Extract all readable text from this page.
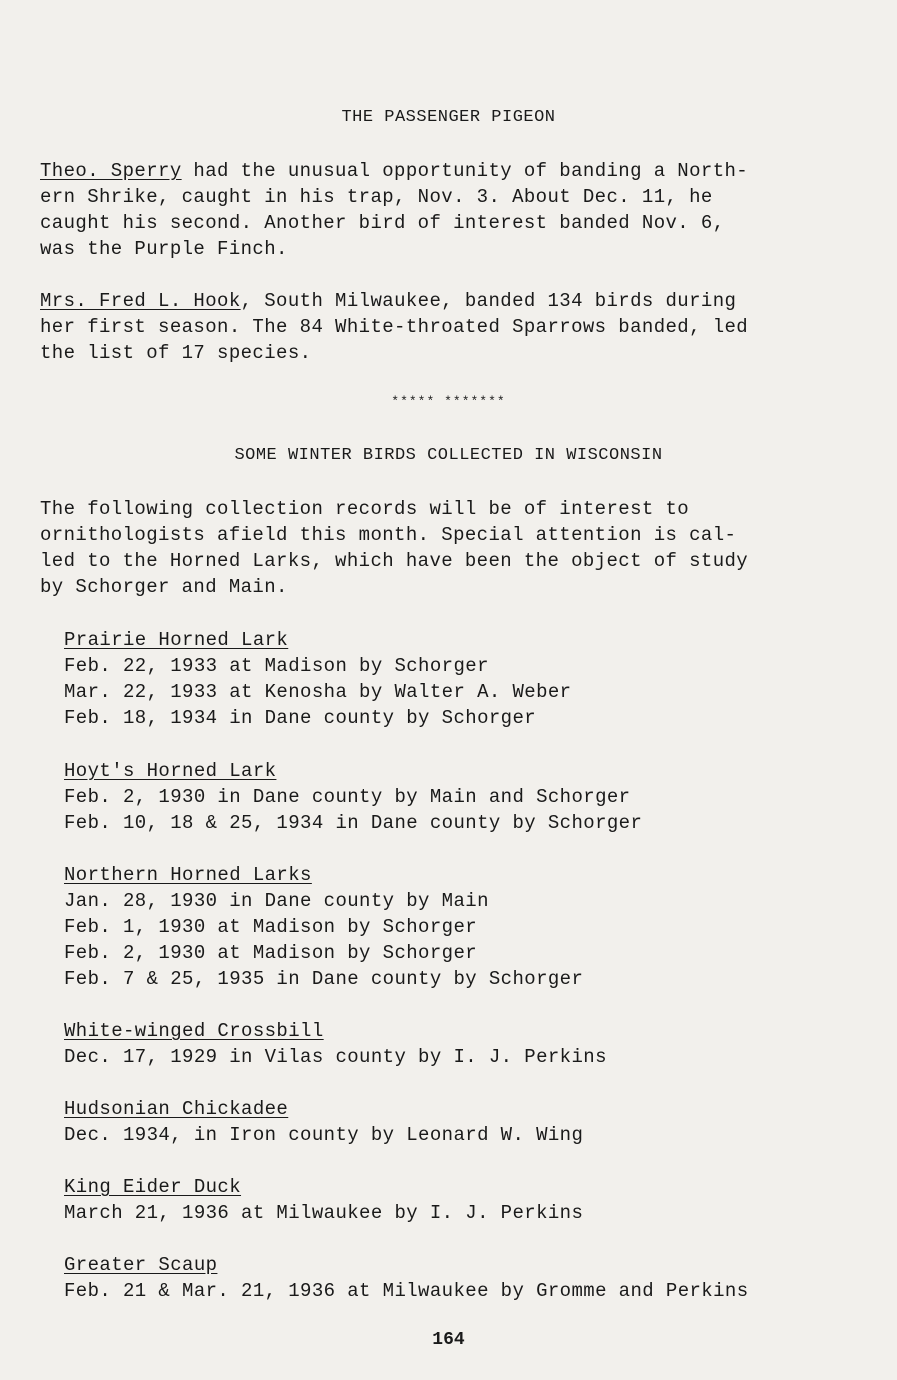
THE PASSENGER PIGEON
Theo. Sperry had the unusual opportunity of banding a North-
ern Shrike, caught in his trap, Nov. 3. About Dec. 11, he
caught his second. Another bird of interest banded Nov. 6,
was the Purple Finch.
Mrs. Fred L. Hook, South Milwaukee, banded 134 birds during
her first season. The 84 White-throated Sparrows banded, led
the list of 17 species.
***** *******
SOME WINTER BIRDS COLLECTED IN WISCONSIN
The following collection records will be of interest to
ornithologists afield this month. Special attention is cal-
led to the Horned Larks, which have been the object of study
by Schorger and Main.
Prairie Horned Lark
Feb. 22, 1933 at Madison by Schorger
Mar. 22, 1933 at Kenosha by Walter A. Weber
Feb. 18, 1934 in Dane county by Schorger
Hoyt's Horned Lark
Feb. 2, 1930 in Dane county by Main and Schorger
Feb. 10, 18 & 25, 1934 in Dane county by Schorger
Northern Horned Larks
Jan. 28, 1930 in Dane county by Main
Feb. 1, 1930 at Madison by Schorger
Feb. 2, 1930 at Madison by Schorger
Feb. 7 & 25, 1935 in Dane county by Schorger
White-winged Crossbill
Dec. 17, 1929 in Vilas county by I. J. Perkins
Hudsonian Chickadee
Dec. 1934, in Iron county by Leonard W. Wing
King Eider Duck
March 21, 1936 at Milwaukee by I. J. Perkins
Greater Scaup
Feb. 21 & Mar. 21, 1936 at Milwaukee by Gromme and Perkins
164
